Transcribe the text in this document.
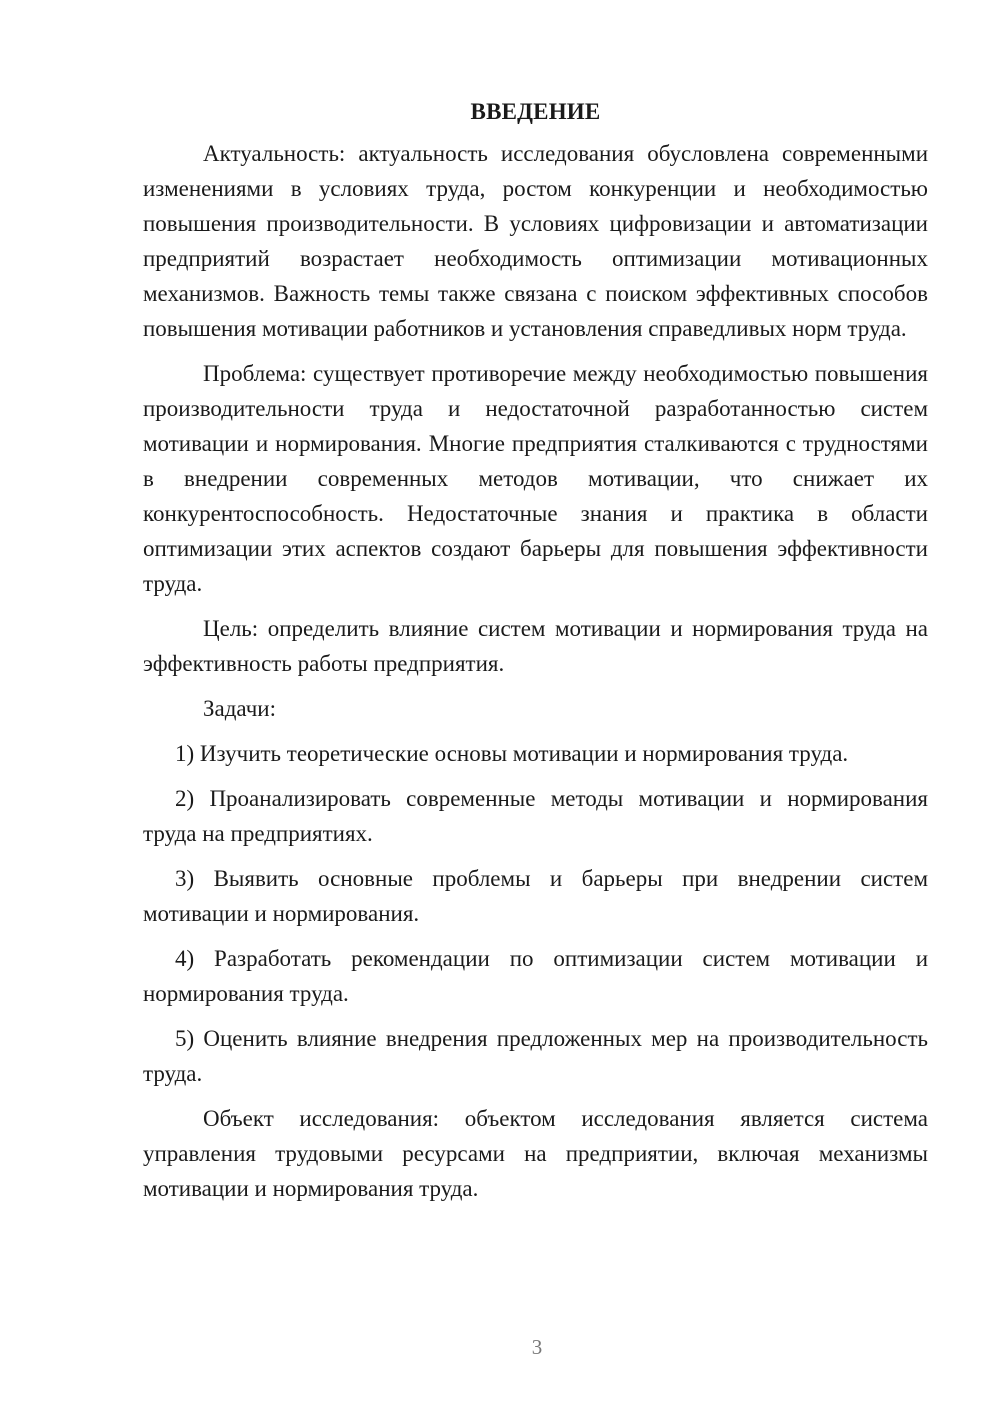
ВВЕДЕНИЕ

Актуальность: актуальность исследования обусловлена современными изменениями в условиях труда, ростом конкуренции и необходимостью повышения производительности. В условиях цифровизации и автоматизации предприятий возрастает необходимость оптимизации мотивационных механизмов. Важность темы также связана с поиском эффективных способов повышения мотивации работников и установления справедливых норм труда.

Проблема: существует противоречие между необходимостью повышения производительности труда и недостаточной разработанностью систем мотивации и нормирования. Многие предприятия сталкиваются с трудностями в внедрении современных методов мотивации, что снижает их конкурентоспособность. Недостаточные знания и практика в области оптимизации этих аспектов создают барьеры для повышения эффективности труда.

Цель: определить влияние систем мотивации и нормирования труда на эффективность работы предприятия.

Задачи:

1) Изучить теоретические основы мотивации и нормирования труда.

2) Проанализировать современные методы мотивации и нормирования труда на предприятиях.

3) Выявить основные проблемы и барьеры при внедрении систем мотивации и нормирования.

4) Разработать рекомендации по оптимизации систем мотивации и нормирования труда.

5) Оценить влияние внедрения предложенных мер на производительность труда.

Объект исследования: объектом исследования является система управления трудовыми ресурсами на предприятии, включая механизмы мотивации и нормирования труда.

3
